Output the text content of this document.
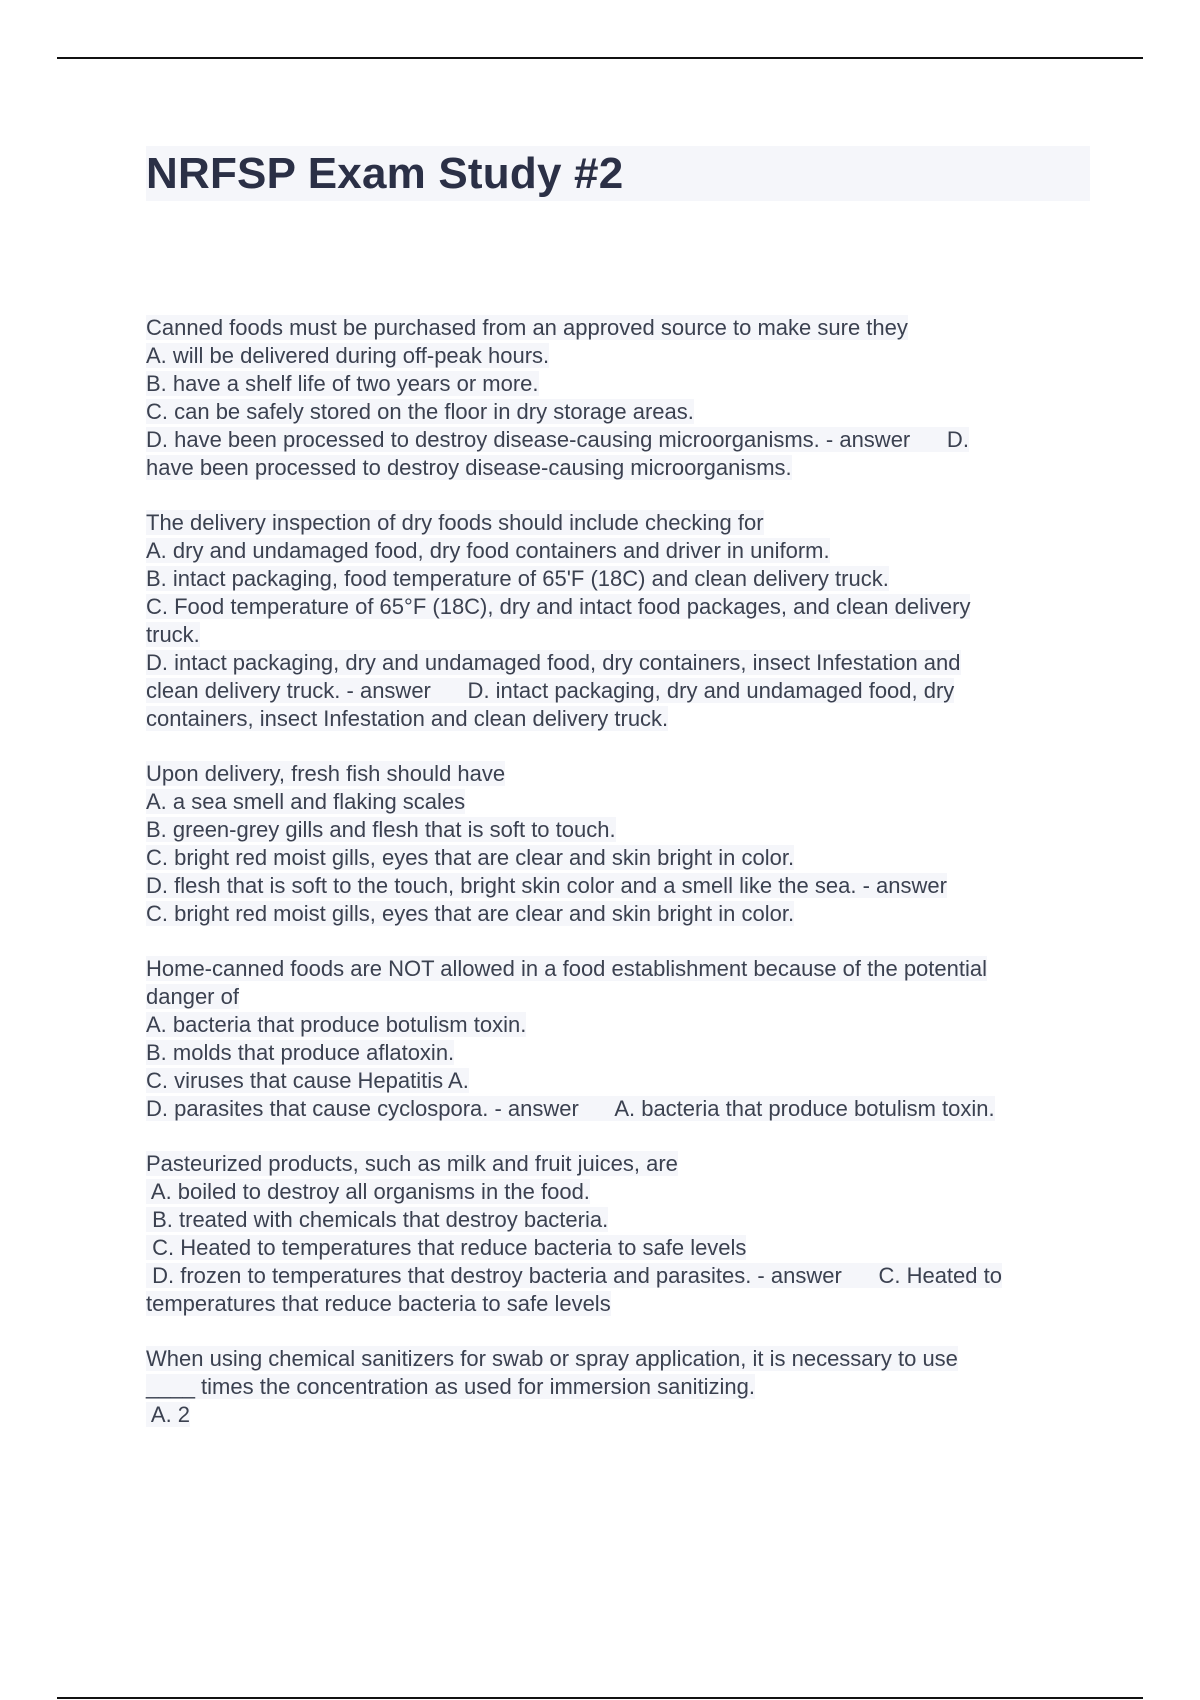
NRFSP Exam Study #2
Canned foods must be purchased from an approved source to make sure they
A. will be delivered during off-peak hours.
B. have a shelf life of two years or more.
C. can be safely stored on the floor in dry storage areas.
D. have been processed to destroy disease-causing microorganisms. - answer      D.
have been processed to destroy disease-causing microorganisms.
The delivery inspection of dry foods should include checking for
A. dry and undamaged food, dry food containers and driver in uniform.
B. intact packaging, food temperature of 65'F (18C) and clean delivery truck.
C. Food temperature of 65°F (18C), dry and intact food packages, and clean delivery
truck.
D. intact packaging, dry and undamaged food, dry containers, insect Infestation and
clean delivery truck. - answer      D. intact packaging, dry and undamaged food, dry
containers, insect Infestation and clean delivery truck.
Upon delivery, fresh fish should have
A. a sea smell and flaking scales
B. green-grey gills and flesh that is soft to touch.
C. bright red moist gills, eyes that are clear and skin bright in color.
D. flesh that is soft to the touch, bright skin color and a smell like the sea. - answer
C. bright red moist gills, eyes that are clear and skin bright in color.
Home-canned foods are NOT allowed in a food establishment because of the potential
danger of
A. bacteria that produce botulism toxin.
B. molds that produce aflatoxin.
C. viruses that cause Hepatitis A.
D. parasites that cause cyclospora. - answer      A. bacteria that produce botulism toxin.
Pasteurized products, such as milk and fruit juices, are
A. boiled to destroy all organisms in the food.
B. treated with chemicals that destroy bacteria.
C. Heated to temperatures that reduce bacteria to safe levels
D. frozen to temperatures that destroy bacteria and parasites. - answer      C. Heated to
temperatures that reduce bacteria to safe levels
When using chemical sanitizers for swab or spray application, it is necessary to use
____ times the concentration as used for immersion sanitizing.
A. 2
